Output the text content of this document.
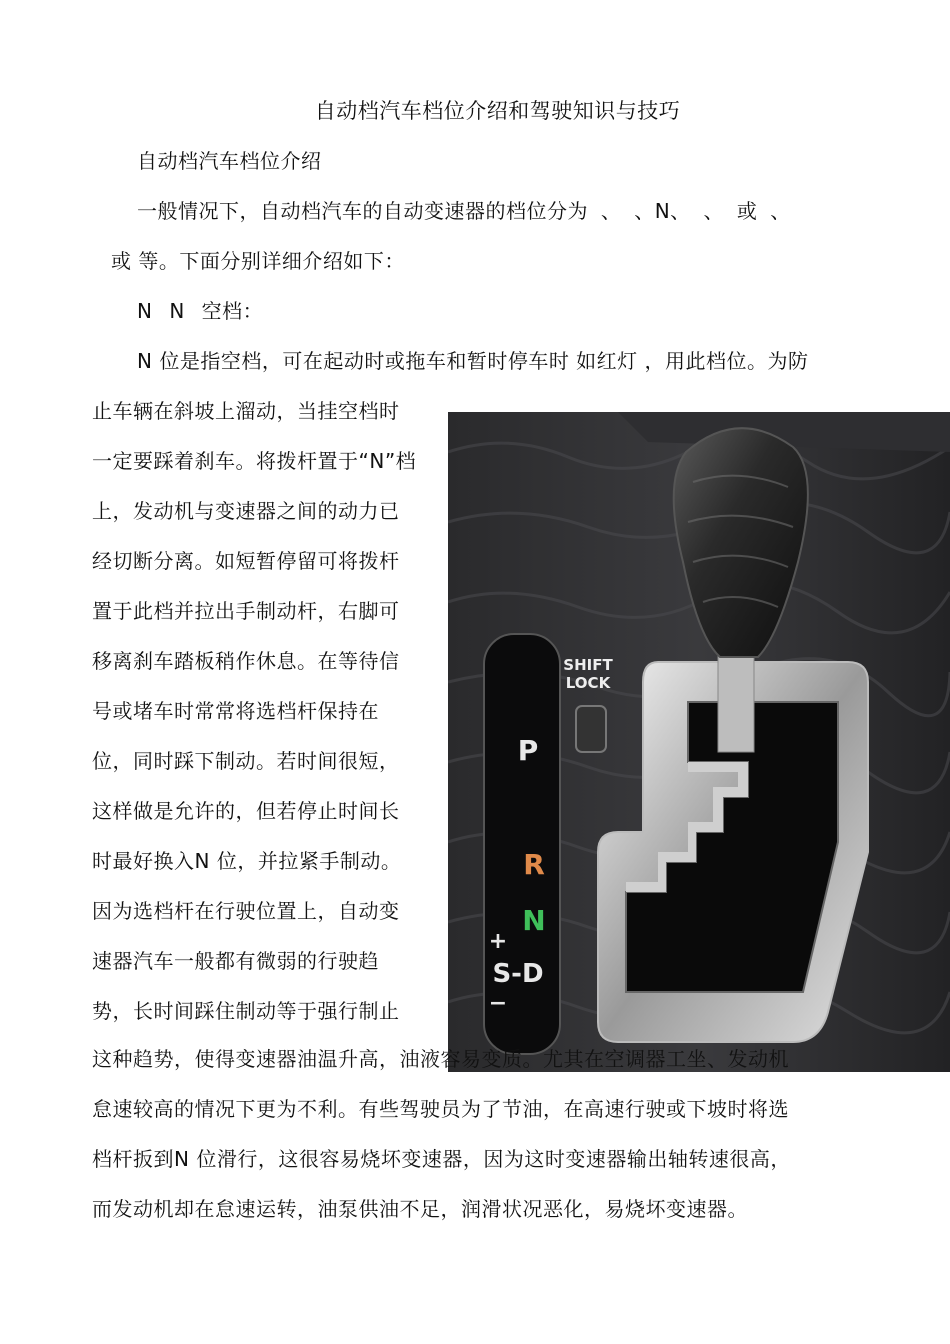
自动档汽车档位介绍和驾驶知识与技巧
自动档汽车档位介绍
一般情况下，自动档汽车的自动变速器的档位分为 、 、N、 、 或 、
或 等。下面分别详细介绍如下：
N N 空档：
N 位是指空档，可在起动时或拖车和暂时停车时 如红灯 ，用此档位。为防
止车辆在斜坡上溜动，当挂空档时
一定要踩着刹车。将拨杆置于“N”档
上，发动机与变速器之间的动力已
经切断分离。如短暂停留可将拨杆
置于此档并拉出手制动杆，右脚可
移离刹车踏板稍作休息。在等待信
号或堵车时常常将选档杆保持在
位，同时踩下制动。若时间很短，
这样做是允许的，但若停止时间长
时最好换入N 位，并拉紧手制动。
因为选档杆在行驶位置上，自动变
速器汽车一般都有微弱的行驶趋
势，长时间踩住制动等于强行制止
P
R
N
+
S-D
−
SHIFT
LOCK
这种趋势，使得变速器油温升高，油液容易变质。尤其在空调器工坐、发动机
怠速较高的情况下更为不利。有些驾驶员为了节油，在高速行驶或下坡时将选
档杆扳到N 位滑行，这很容易烧坏变速器，因为这时变速器输出轴转速很高，
而发动机却在怠速运转，油泵供油不足，润滑状况恶化，易烧坏变速器。
